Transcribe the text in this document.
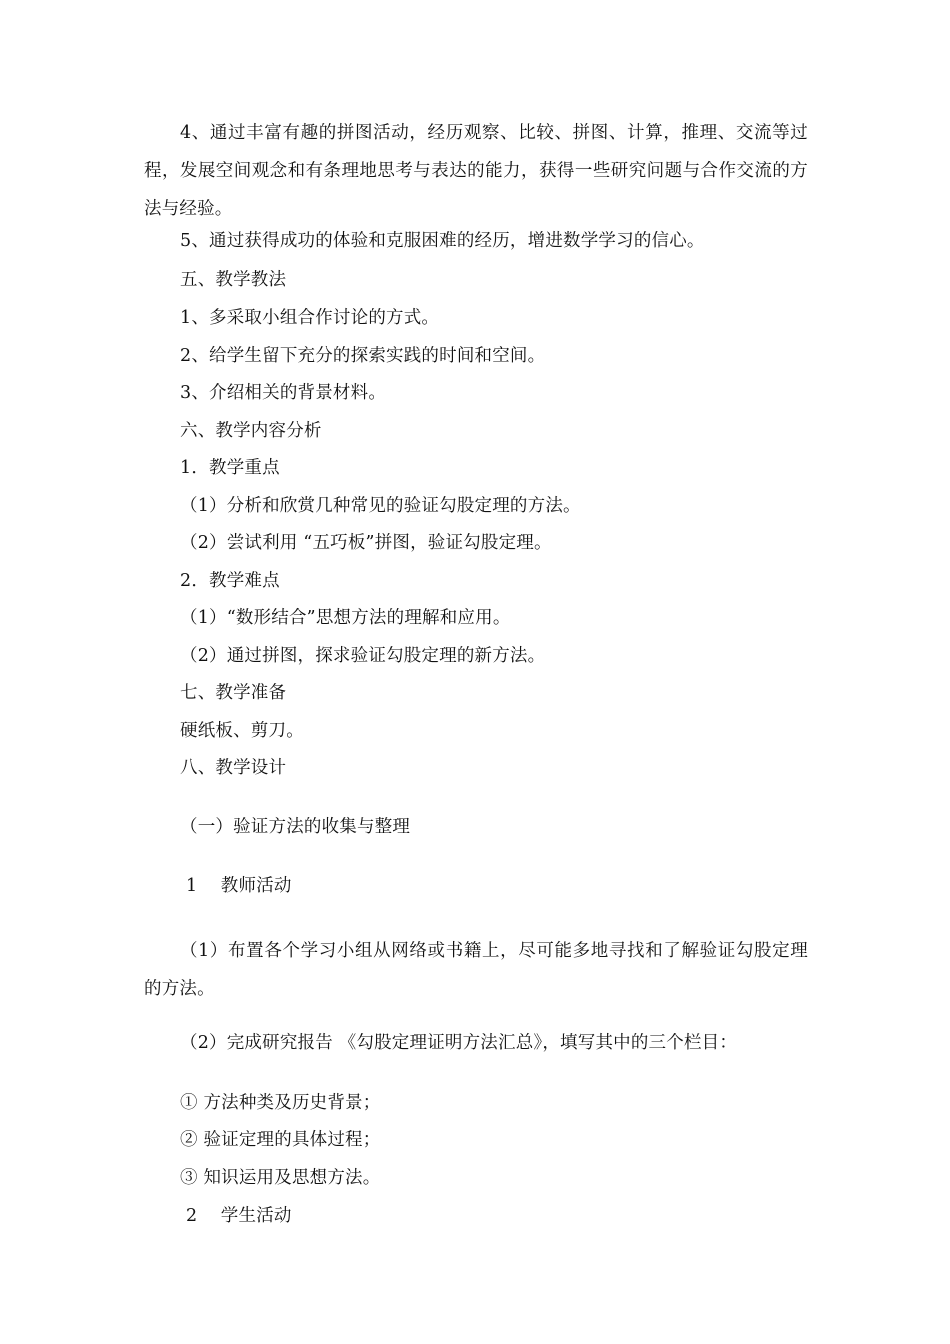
4、通过丰富有趣的拼图活动，经历观察、比较、拼图、计算，推理、交流等过程，发展空间观念和有条理地思考与表达的能力，获得一些研究问题与合作交流的方法与经验。
5、通过获得成功的体验和克服困难的经历，增进数学学习的信心。
五、教学教法
1、多采取小组合作讨论的方式。
2、给学生留下充分的探索实践的时间和空间。
3、介绍相关的背景材料。
六、教学内容分析
1．教学重点
（1）分析和欣赏几种常见的验证勾股定理的方法。
（2）尝试利用 “五巧板”拼图，验证勾股定理。
2．教学难点
（1）“数形结合”思想方法的理解和应用。
（2）通过拼图，探求验证勾股定理的新方法。
七、教学准备
硬纸板、剪刀。
八、教学设计
（一）验证方法的收集与整理
1　 教师活动
（1）布置各个学习小组从网络或书籍上，尽可能多地寻找和了解验证勾股定理的方法。
（2）完成研究报告 《勾股定理证明方法汇总》，填写其中的三个栏目：
① 方法种类及历史背景；
② 验证定理的具体过程；
③ 知识运用及思想方法。
2　 学生活动
